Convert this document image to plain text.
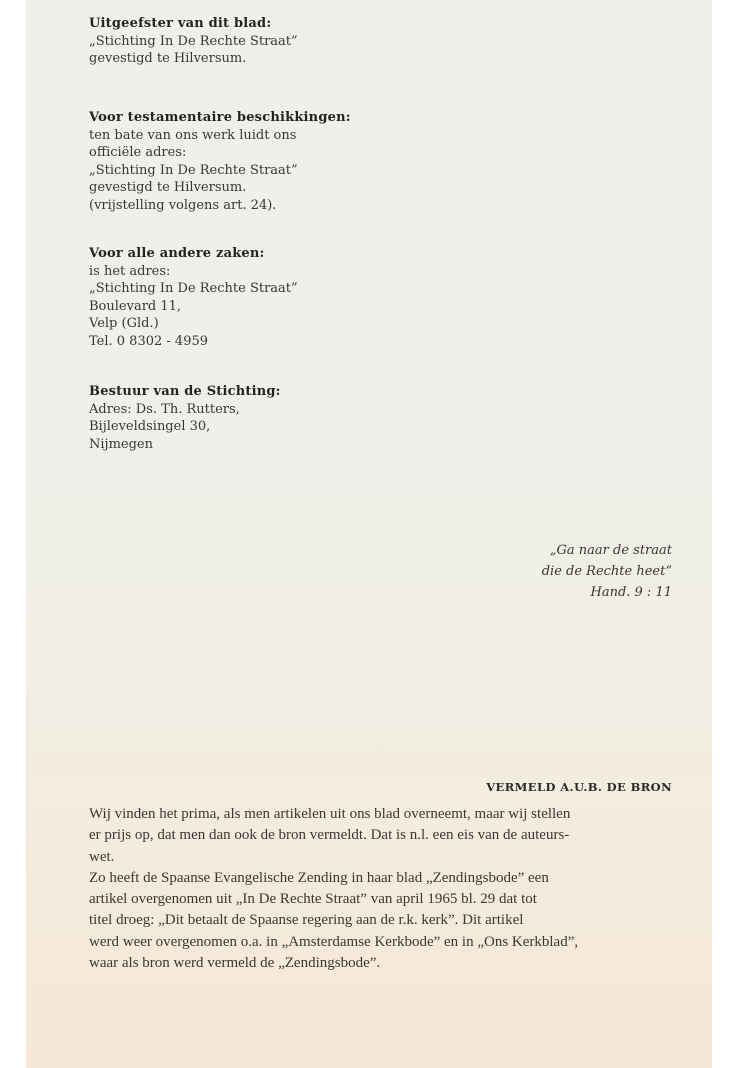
Uitgeefster van dit blad:
„Stichting In De Rechte Straat”
gevestigd te Hilversum.
Voor testamentaire beschikkingen:
ten bate van ons werk luidt ons
officiële adres:
„Stichting In De Rechte Straat”
gevestigd te Hilversum.
(vrijstelling volgens art. 24).
Voor alle andere zaken:
is het adres:
„Stichting In De Rechte Straat”
Boulevard 11,
Velp (Gld.)
Tel. 0 8302 - 4959
Bestuur van de Stichting:
Adres: Ds. Th. Rutters,
Bijleveldsingel 30,
Nijmegen
„Ga naar de straat
die de Rechte heet”
Hand. 9 : 11
VERMELD A.U.B. DE BRON
Wij vinden het prima, als men artikelen uit ons blad overneemt, maar wij stellen
er prijs op, dat men dan ook de bron vermeldt. Dat is n.l. een eis van de auteurs-
wet.
Zo heeft de Spaanse Evangelische Zending in haar blad „Zendingsbode” een
artikel overgenomen uit „In De Rechte Straat” van april 1965 bl. 29 dat tot
titel droeg: „Dit betaalt de Spaanse regering aan de r.k. kerk”. Dit artikel
werd weer overgenomen o.a. in „Amsterdamse Kerkbode” en in „Ons Kerkblad”,
waar als bron werd vermeld de „Zendingsbode”.
